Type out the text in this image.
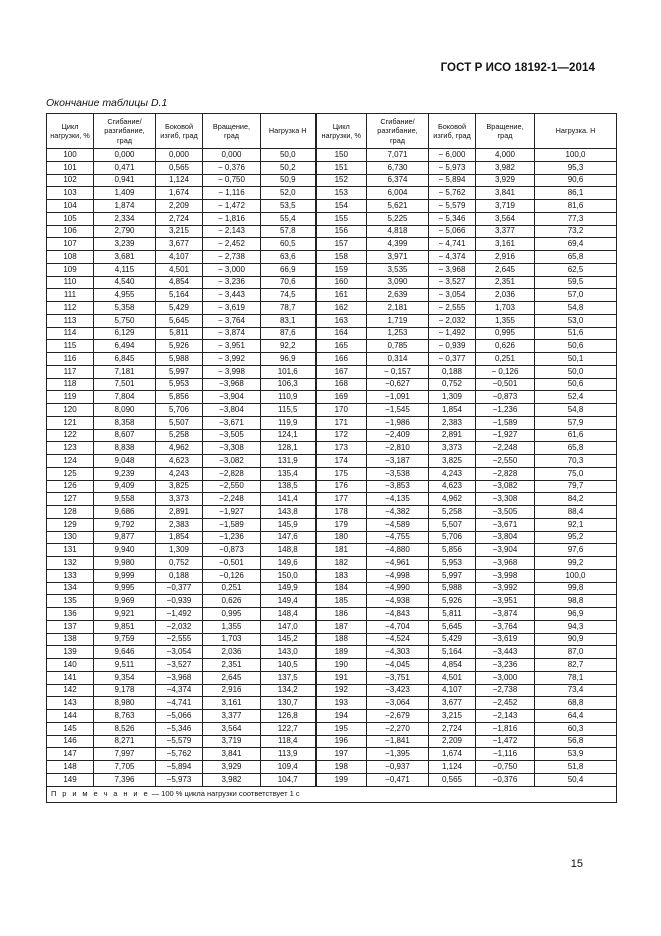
ГОСТ Р ИСО 18192-1—2014
Окончание таблицы D.1
Цикл нагрузки, %	Сгибание/ разгибание, град	Боковой изгиб, град	Вращение, град	Нагрузка Н	Цикл нагрузки, %	Сгибание/ разгибание, град	Боковой изгиб, град	Вращение, град	Нагрузка. Н
100	0,000	0,000	0,000	50,0	150	7,071	− 6,000	4,000	100,0
101	0,471	0,565	− 0,376	50,2	151	6,730	− 5,973	3,982	95,3
102	0,941	1,124	− 0,750	50,9	152	6,374	− 5,894	3,929	90,6
103	1,409	1,674	− 1,116	52,0	153	6,004	− 5,762	3,841	86,1
104	1,874	2,209	− 1,472	53,5	154	5,621	− 5,579	3,719	81,6
105	2,334	2,724	− 1,816	55,4	155	5,225	− 5,346	3,564	77,3
106	2,790	3,215	− 2,143	57,8	156	4,818	− 5,066	3,377	73,2
107	3,239	3,677	− 2,452	60,5	157	4,399	− 4,741	3,161	69,4
108	3,681	4,107	− 2,738	63,6	158	3,971	− 4,374	2,916	65,8
109	4,115	4,501	− 3,000	66,9	159	3,535	− 3,968	2,645	62,5
110	4,540	4,854	− 3,236	70,6	160	3,090	− 3,527	2,351	59,5
111	4,955	5,164	− 3,443	74,5	161	2,639	− 3,054	2,036	57,0
112	5,358	5,429	− 3,619	78,7	162	2,181	− 2,555	1,703	54,8
113	5,750	5,645	− 3,764	83,1	163	1,719	− 2,032	1,355	53,0
114	6,129	5,811	− 3,874	87,6	164	1,253	− 1,492	0,995	51,6
115	6,494	5,926	− 3,951	92,2	165	0,785	− 0,939	0,626	50,6
116	6,845	5,988	− 3,992	96,9	166	0,314	− 0,377	0,251	50,1
117	7,181	5,997	− 3,998	101,6	167	− 0,157	0,188	− 0,126	50,0
118	7,501	5,953	−3,968	106,3	168	−0,627	0,752	−0,501	50,6
119	7,804	5,856	−3,904	110,9	169	−1,091	1,309	−0,873	52,4
120	8,090	5,706	−3,804	115,5	170	−1,545	1,854	−1,236	54,8
121	8,358	5,507	−3,671	119,9	171	−1,986	2,383	−1,589	57,9
122	8,607	5,258	−3,505	124,1	172	−2,409	2,891	−1,927	61,6
123	8,838	4,962	−3,308	128,1	173	−2,810	3,373	−2,248	65,8
124	9,048	4,623	−3,082	131,9	174	−3,187	3,825	−2,550	70,3
125	9,239	4,243	−2,828	135,4	175	−3,538	4,243	−2,828	75,0
126	9,409	3,825	−2,550	138,5	176	−3,853	4,623	−3,082	79,7
127	9,558	3,373	−2,248	141,4	177	−4,135	4,962	−3,308	84,2
128	9,686	2,891	−1,927	143,8	178	−4,382	5,258	−3,505	88,4
129	9,792	2,383	−1,589	145,9	179	−4,589	5,507	−3,671	92,1
130	9,877	1,854	−1,236	147,6	180	−4,755	5,706	−3,804	95,2
131	9,940	1,309	−0,873	148,8	181	−4,880	5,856	−3,904	97,6
132	9,980	0,752	−0,501	149,6	182	−4,961	5,953	−3,968	99,2
133	9,999	0,188	−0,126	150,0	183	−4,998	5,997	−3,998	100,0
134	9,995	−0,377	0,251	149,9	184	−4,990	5,988	−3,992	99,8
135	9,969	−0,939	0,626	149,4	185	−4,938	5,926	−3,951	98,8
136	9,921	−1,492	0,995	148,4	186	−4,843	5,811	−3,874	96,9
137	9,851	−2,032	1,355	147,0	187	−4,704	5,645	−3,764	94,3
138	9,759	−2,555	1,703	145,2	188	−4,524	5,429	−3,619	90,9
139	9,646	−3,054	2,036	143,0	189	−4,303	5,164	−3,443	87,0
140	9,511	−3,527	2,351	140,5	190	−4,045	4,854	−3,236	82,7
141	9,354	−3,968	2,645	137,5	191	−3,751	4,501	−3,000	78,1
142	9,178	−4,374	2,916	134,2	192	−3,423	4,107	−2,738	73,4
143	8,980	−4,741	3,161	130,7	193	−3,064	3,677	−2,452	68,8
144	8,763	−5,066	3,377	126,8	194	−2,679	3,215	−2,143	64,4
145	8,526	−5,346	3,564	122,7	195	−2,270	2,724	−1,816	60,3
146	8,271	−5,579	3,719	118,4	196	−1,841	2,209	−1,472	56,8
147	7,997	−5,762	3,841	113,9	197	−1,395	1,674	−1,116	53,9
148	7,705	−5,894	3,929	109,4	198	−0,937	1,124	−0,750	51,8
149	7,396	−5,973	3,982	104,7	199	−0,471	0,565	−0,376	50,4
П р и м е ч а н и е — 100 % цикла нагрузки соответствует 1 с									
15
